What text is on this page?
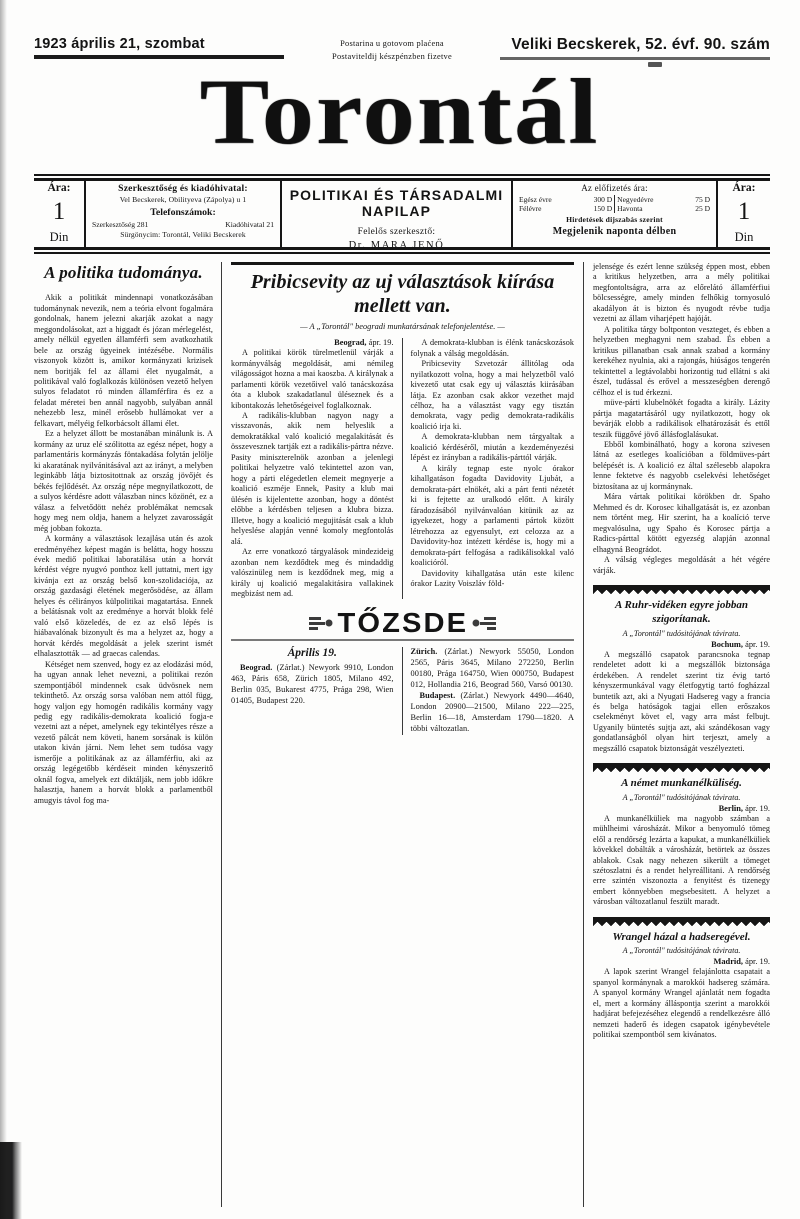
1923 április 21, szombat	Postarina u gotovom plaćena
Postavitelđij készpénzben fizetve
Veliki Becskerek, 52. évf. 90. szám
Torontál
Ára:
1
Din
Szerkesztőség és kiadóhivatal:
Vel Becskerek, Obilityeva (Zápolya) u 1
Telefonszámok:
Szerkesztőség 281	Kiadóhivatal 21
Sürgönycim: Torontál, Veliki Becskerek
POLITIKAI ÉS TÁRSADALMI NAPILAP
Felelős szerkesztő:
Dr. MARA JENŐ
Az előfizetés ára:
Egész évre	300 D	Negyedévre	75 D
Félévre	150 D	Havonta	25 D
Hirdetések dijszabás szerint
Megjelenik naponta délben
Ára:
1
Din
A politika tudománya.

Akik a politikát mindennapi vonatkozásában tudománynak nevezik, nem a teória elvont fogalmára gondolnak, hanem jelezni akarják azokat a nagy meggondolásokat, azt a higgadt és józan mérlegelést, amely nélkül egyetlen államférfi sem avatkozhatik bele az ország ügyeinek intézésébe. Normális viszonyok között is, amikor kormányzati krizisek nem boritják fel az állami élet nyugalmát, a politikával való foglalkozás különösen vezető helyen sulyos feladatot ró minden államférfira és ez a feladat méretei ben annál nagyobb, sulyában annál nehezebb lesz, minél erősebb hullámokat ver a felkavart, mélyéig felkorbácsolt állami élet.

Ez a helyzet állott be mostanában minálunk is. A kormány az uruz elé szólitotta az egész népet, hogy a parlamentáris kormányzás föntakadása folytán jelölje ki akaratának nyilvánitásával azt az irányt, a melyben leginkább látja biztositottnak az ország jövőjét és békés fejlődését. Az ország népe megnyilatkozott, de a sulyos kérdésre adott válaszban nincs közönét, ez a válasz a felvetődött nehéz problémákat nemcsak hogy meg nem oldja, hanem a helyzet zavarosságát még jobban fokozta.

A kormány a választások lezajlása után és azok eredményéhez képest magán is belátta, hogy hosszu évek mediő politikai laboratálása után a horvát kérdést végre nyugvó ponthoz kell juttatni, mert igy kivánja ezt az ország belső kon-szolidaciója, az ország gazdasági életének megerősödése, az állam helyes és célirányos külpolitikai magatartása. Ennek a belátásnak volt az eredménye a horvát blokk felé való első közeledés, de ez az első lépés is hiábavalónak bizonyult és ma a helyzet az, hogy a horvát kérdés megoldását a jelek szerint ismét elhalasztották — ad graecas calendas.

Kétséget nem szenved, hogy ez az elodázási mód, ha ugyan annak lehet nevezni, a politikai rezón szempontjából mindennek csak üdvösnek nem tekinthető. Az ország sorsa valóban nem attól függ, hogy valjon egy homogén radikális kormány vagy pedig egy radikális-demokrata koalició fogja-e vezetni azt a népet, amelynek egy tekintélyes része a vezető pálcát nem követi, hanem sorsának is külön utakon kiván járni. Nem lehet sem tudósa vagy ismerője a politikának az az államférfiu, aki az ország legégetőbb kérdéseit minden kényszeritő oknál fogva, amelyek ezt diktálják, nem jobb időkre halasztja, hanem a horvát blokk a parlamentből amugyis távol fog ma-

Pribicsevity az uj választások kiírása mellett van.
— A „Torontál" beogradi munkatársának telefonjelentése. —
Beograd, ápr. 19.

A politikai körök türelmetlenül várják a kormányválság megoldását, ami némileg világosságot hozna a mai kaoszba. A királynak a parlamenti körök vezetőivel való tanácskozása óta a klubok szakadatlanul üléseznek és a kibontakozás lehetőségeivel foglalkoznak.

A radikális-klubban nagyon nagy a visszavonás, akik nem helyeslik a demokratákkal való koalició megalakitását és összevesznek tartják ezt a radikális-pártra nézve. Pasity miniszterelnök azonban a jelenlegi politikai helyzetre való tekintettel azon van, hogy a párti elégedetlen elemeit megnyerje a koalició eszméje Ennek, Pasity a klub mai ülésén is kijelentette azonban, hogy a döntést előbbe a kérdésben teljesen a klubra bizza. Illetve, hogy a koalició megujitását csak a klub helyeslése alapján venné komoly megfontolás alá.

Az erre vonatkozó tárgyalások mindezideig azonban nem kezdődtek meg és mindaddig valószinüleg nem is kezdődnek meg, mig a király uj koalició megalakitásira vallakinek megbizást nem ad.

A demokrata-klubban is élénk tanácskozások folynak a válság megoldásán.

Pribicsevity Szvetozár állitólag oda nyilatkozott volna, hogy a mai helyzetből való kivezető utat csak egy uj választás kiirásában látja. Ez azonban csak akkor vezethet majd célhoz, ha a választást vagy egy tisztán demokrata, vagy pedig demokrata-radikális koalició irja ki.

A demokrata-klubban nem tárgyaltak a koalició kérdéséről, miután a kezdeményezési lépést ez irányban a radikális-párttól várják.

A király tegnap este nyolc órakor kihallgatáson fogadta Davidovity Ljubát, a demokrata-párt elnökét, aki a párt fenti nézetét ki is fejtette az uralkodó előtt. A király fáradozásából nyilvánvalóan kitünik az az igyekezet, hogy a parlamenti pártok között létrehozza az egyensulyt, ezt celozza az a Davidovity-hoz intézett kérdése is, hogy mi a demokrata-párt felfogása a radikálisokkal való koalicióról.

Davidovity kihallgatása után este kilenc órakor Lazity Voiszláv föld-

TŐZSDE
Április 19.

Beograd. (Zárlat.) Newyork 9910, London 463, Páris 658, Zürich 1805, Milano 492, Berlin 035, Bukarest 4775, Prága 298, Wien 01405, Budapest 220.

Zürich. (Zárlat.) Newyork 55050, London 2565, Páris 3645, Milano 272250, Berlin 00180, Prága 164750, Wien 000750, Budapest 012, Hollandia 216, Beograd 560, Varsó 00130.

Budapest. (Zárlat.) Newyork 4490—4640, London 20900—21500, Milano 222—225, Berlin 16—18, Amsterdam 1790—1820. A többi változatlan.

jelensége és ezért lenne szükség éppen most, ebben a kritikus helyzetben, arra a mély politikai megfontoltságra, arra az előrelátó államférfiui bölcsességre, amely minden felhőkig tornyosuló akadályon át is bizton és nyugodt révbe tudja vezetni az állam viharjépett hajóját.

A politika tárgy boltponton veszteget, és ebben a helyzetben meghagyni nem szabad. És ebben a kritikus pillanatban csak annak szabad a kormány kerekéhez nyulnia, aki a rajongás, hiúságos tengerén tekintettel a legtávolabbi horizontig tud ellátni s aki észel, tudással és erővel a messzeségben derengő célhoz el is tud érkezni.

müve-párti klubelnökét fogadta a király. Lázity pártja magatartásáról ugy nyilatkozott, hogy ok bevárják elobb a radikálisok elhatározását és ettől teszik függővé jövő állásfoglalásukat.

Ebből kombinálható, hogy a korona szivesen látná az esetleges koalícióban a földmüves-párt belépését is. A koalició ez által szélesebb alapokra lenne fektetve és nagyobb cselekvési lehetőséget biztosítana az uj kormánynak.

Mára vártak politikai körökben dr. Spaho Mehmed és dr. Korosec kihallgatását is, ez azonban nem történt meg. Hir szerint, ha a koalíció terve megvalósulna, ugy Spaho és Korosec pártja a Radics-párttal kötött egyezség alapján azonnal elhagyná Beográdot.

A válság végleges megoldását a hét végére várják.

A Ruhr-vidéken egyre jobban szigorítanak.
A „Torontál" tudósitójának távirata.
Bochum, ápr. 19.

A megszálló csapatok parancsnoka tegnap rendeletet adott ki a megszállók biztonsága érdekében. A rendelet szerint tiz évig tartó kényszermunkával vagy életfogytig tartó fogházzal buntetik azt, aki a Nyugati Hadsereg vagy a francia és belga hatóságok tagjai ellen erőszakos cselekményt követ el, vagy arra mást felbujt. Ugyanily büntetés sujtja azt, aki szándékosan vagy gondatlanságból olyan hirt terjeszt, amely a megszálló csapatok biztonságát veszélyezteti.

A német munkanélküliség.
A „Torontál" tudósitójának távirata.
Berlin, ápr. 19.

A munkanélküliek ma nagyobb számban a mühlheimi városházát. Mikor a benyomuló tömeg elől a rendőrség lezárta a kapukat, a munkanélküliek kövekkel dobálták a városházát, betörtek az összes ablakok. Csak nagy nehezen sikerült a tömeget szétoszlatni és a rendet helyreállitani. A rendőrség erre szintén viszonozta a fenyitést és tizenegy embert könnyebben megsebesitett. A helyzet a városban változatlanul feszült maradt.

Wrangel házal a hadseregével.
A „Torontál" tudósitójának távirata.
Madrid, ápr. 19.

A lapok szerint Wrangel felajánlotta csapatait a spanyol kormánynak a marokkói hadsereg számára. A spanyol kormány Wrangel ajánlatát nem fogadta el, mert a kormány álláspontja szerint a marokkói hadjárat befejezéséhez elegendő a rendelkezésre álló nemzeti haderő és idegen csapatok igénybevétele politikai szempontból sem kivánatos.
